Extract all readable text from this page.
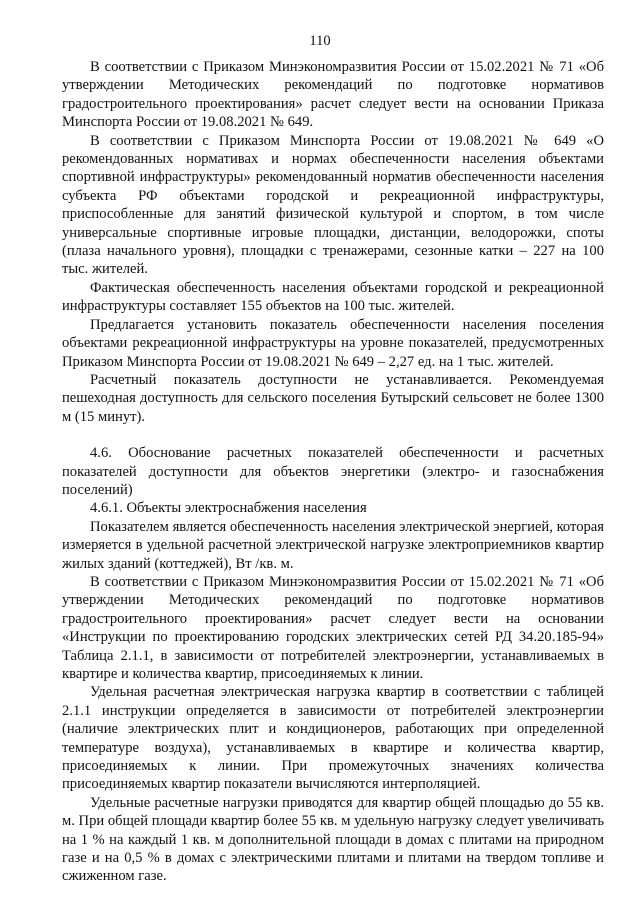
110

В соответствии с Приказом Минэкономразвития России от 15.02.2021 № 71 «Об утверждении Методических рекомендаций по подготовке нормативов градостроительного проектирования» расчет следует вести на основании Приказа Минспорта России от 19.08.2021 № 649.

В соответствии с Приказом Минспорта России от 19.08.2021 № 649 «О рекомендованных нормативах и нормах обеспеченности населения объектами спортивной инфраструктуры» рекомендованный норматив обеспеченности населения субъекта РФ объектами городской и рекреационной инфраструктуры, приспособленные для занятий физической культурой и спортом, в том числе универсальные спортивные игровые площадки, дистанции, велодорожки, споты (плаза начального уровня), площадки с тренажерами, сезонные катки – 227 на 100 тыс. жителей.

Фактическая обеспеченность населения объектами городской и рекреационной инфраструктуры составляет 155 объектов на 100 тыс. жителей.

Предлагается установить показатель обеспеченности населения поселения объектами рекреационной инфраструктуры на уровне показателей, предусмотренных Приказом Минспорта России от 19.08.2021 № 649 – 2,27 ед. на 1 тыс. жителей.

Расчетный показатель доступности не устанавливается. Рекомендуемая пешеходная доступность для сельского поселения Бутырский сельсовет не более 1300 м (15 минут).

4.6. Обоснование расчетных показателей обеспеченности и расчетных показателей доступности для объектов энергетики (электро- и газоснабжения поселений)

4.6.1. Объекты электроснабжения населения

Показателем является обеспеченность населения электрической энергией, которая измеряется в удельной расчетной электрической нагрузке электроприемников квартир жилых зданий (коттеджей), Вт /кв. м.

В соответствии с Приказом Минэкономразвития России от 15.02.2021 № 71 «Об утверждении Методических рекомендаций по подготовке нормативов градостроительного проектирования» расчет следует вести на основании «Инструкции по проектированию городских электрических сетей РД 34.20.185-94» Таблица 2.1.1, в зависимости от потребителей электроэнергии, устанавливаемых в квартире и количества квартир, присоединяемых к линии.

Удельная расчетная электрическая нагрузка квартир в соответствии с таблицей 2.1.1 инструкции определяется в зависимости от потребителей электроэнергии (наличие электрических плит и кондиционеров, работающих при определенной температуре воздуха), устанавливаемых в квартире и количества квартир, присоединяемых к линии. При промежуточных значениях количества присоединяемых квартир показатели вычисляются интерполяцией.

Удельные расчетные нагрузки приводятся для квартир общей площадью до 55 кв. м. При общей площади квартир более 55 кв. м удельную нагрузку следует увеличивать на 1 % на каждый 1 кв. м дополнительной площади в домах с плитами на природном газе и на 0,5 % в домах с электрическими плитами и плитами на твердом топливе и сжиженном газе.
